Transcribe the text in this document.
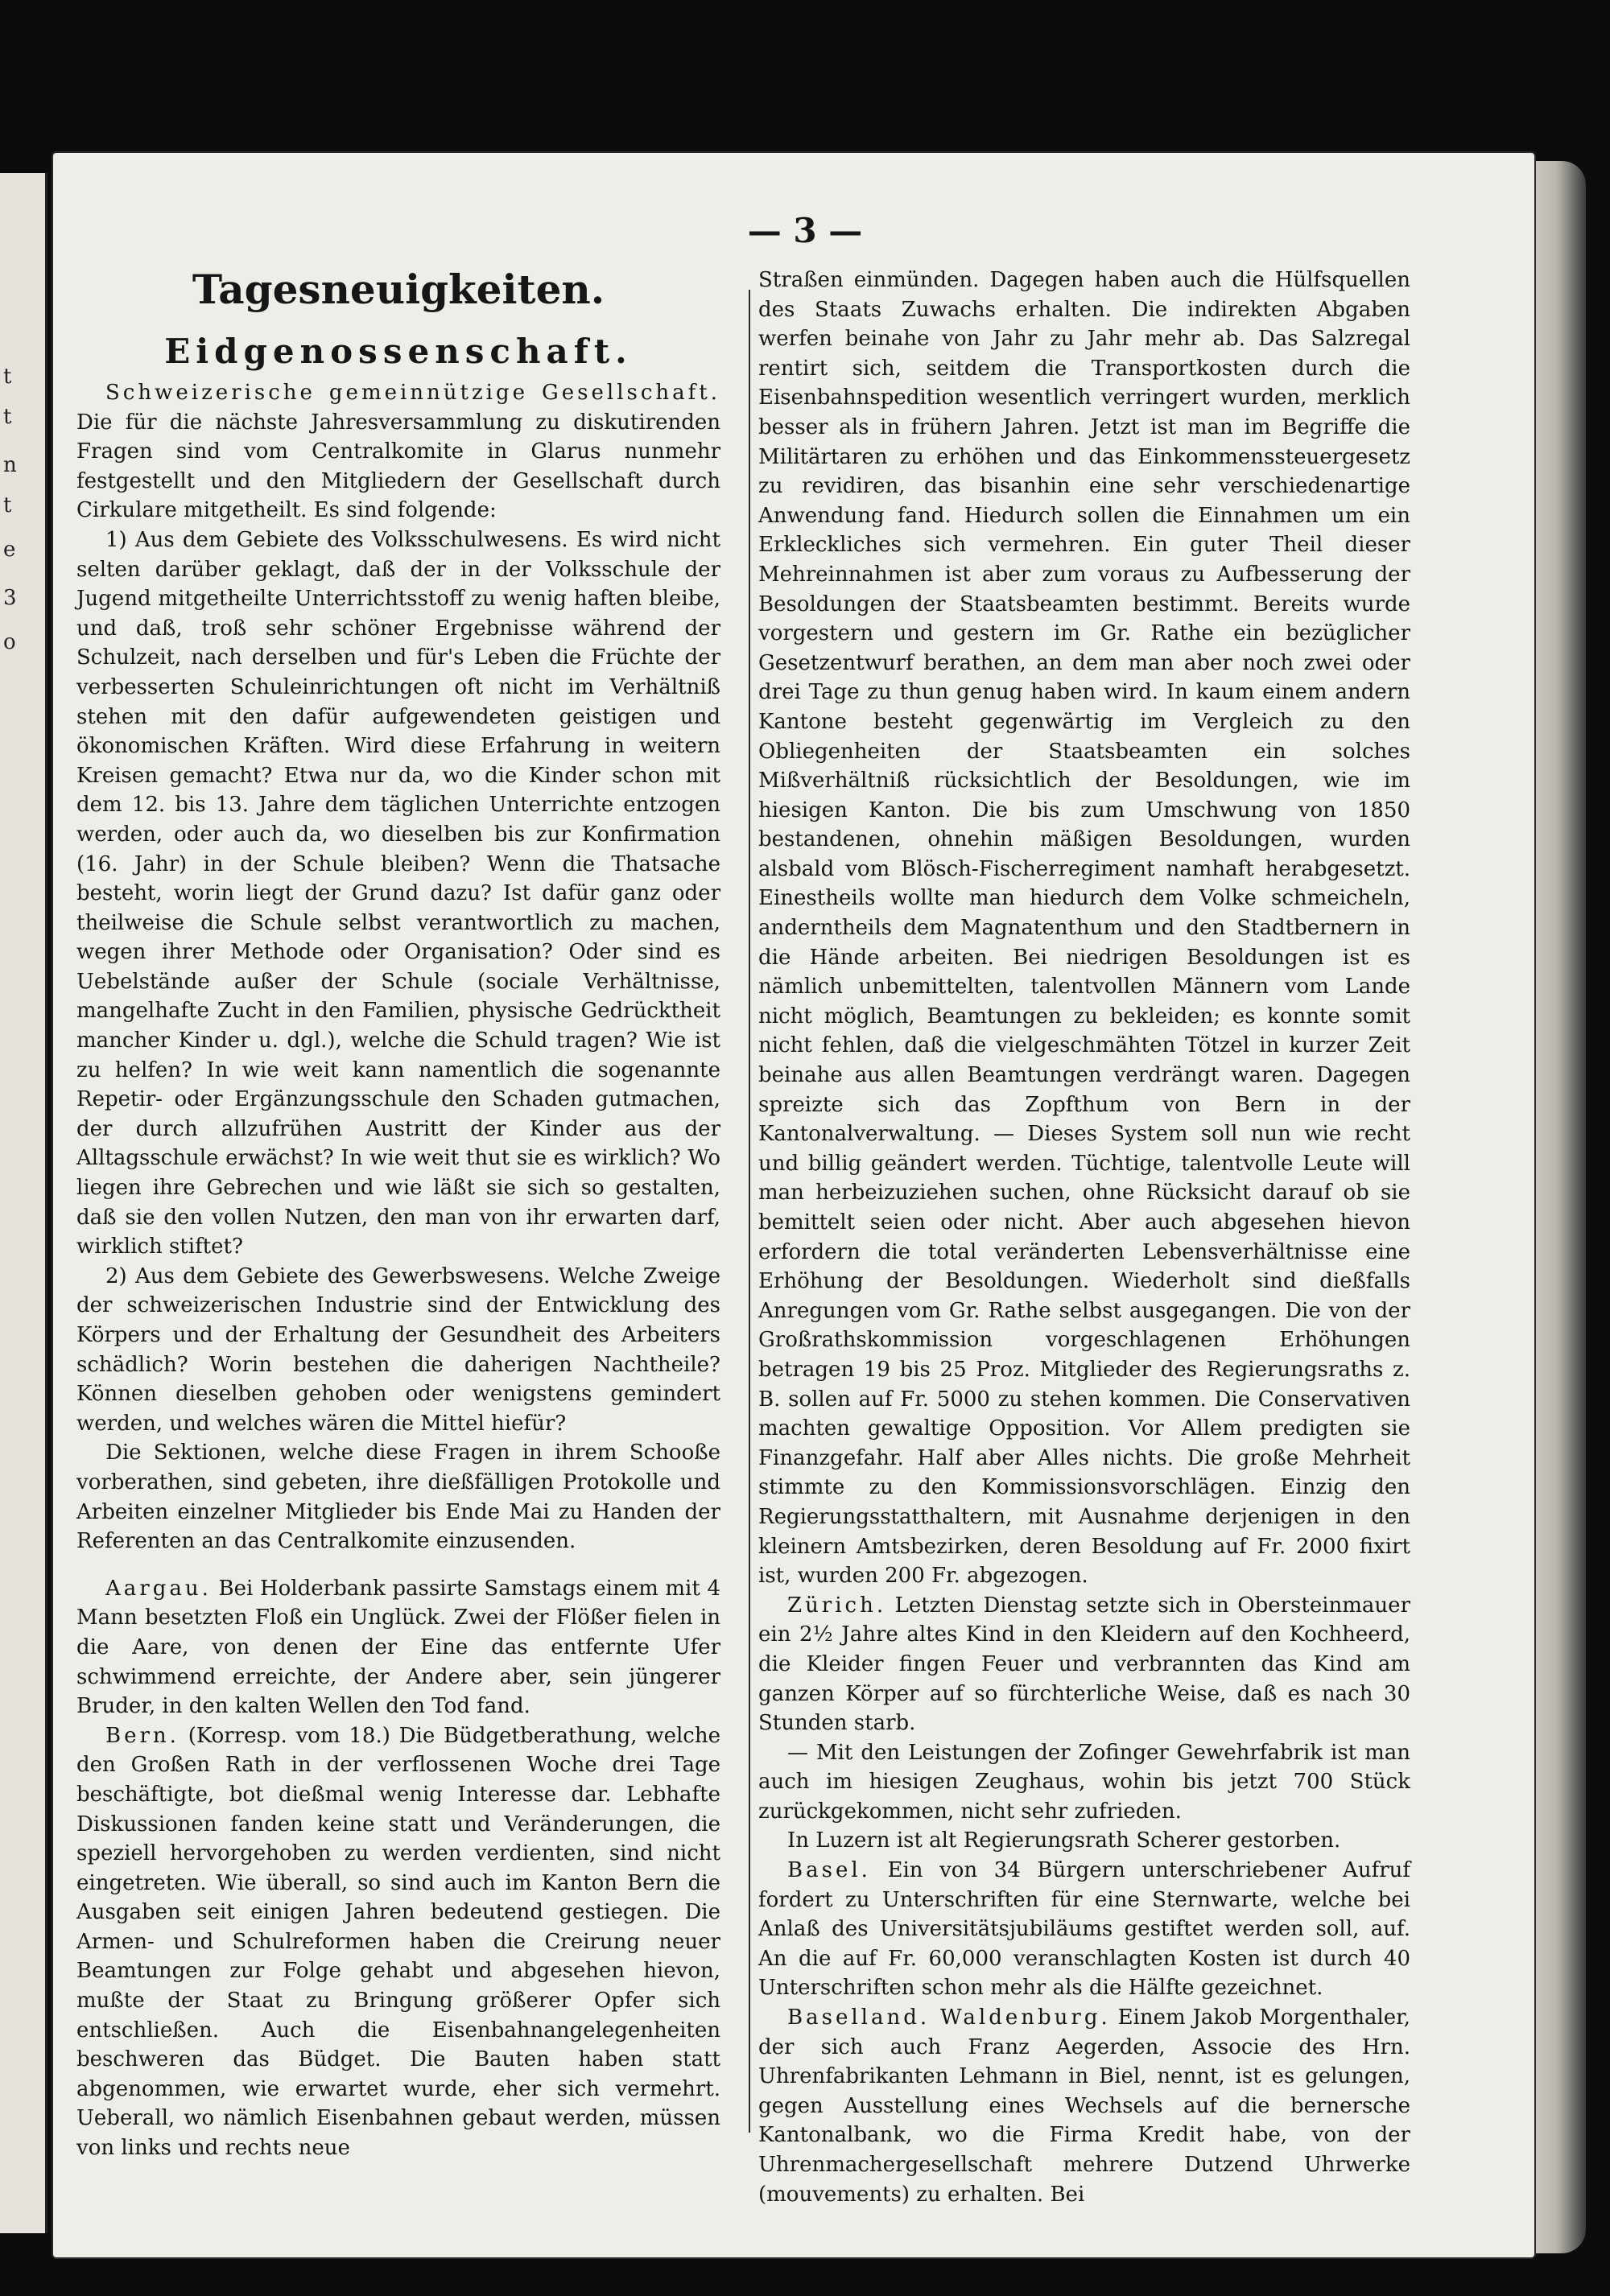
t
t
n
t
e
3
o
— 3 —
Tagesneuigkeiten.
Eidgenossenschaft.

Schweizerische gemeinnützige Gesellschaft. Die für die nächste Jahresversammlung zu diskutirenden Fragen sind vom Centralkomite in Glarus nunmehr festgestellt und den Mitgliedern der Gesellschaft durch Cirkulare mitgetheilt. Es sind folgende:

1) Aus dem Gebiete des Volksschulwesens. Es wird nicht selten darüber geklagt, daß der in der Volksschule der Jugend mitgetheilte Unterrichtsstoff zu wenig haften bleibe, und daß, troß sehr schöner Ergebnisse während der Schulzeit, nach derselben und für's Leben die Früchte der verbesserten Schuleinrichtungen oft nicht im Verhältniß stehen mit den dafür aufgewendeten geistigen und ökonomischen Kräften. Wird diese Erfahrung in weitern Kreisen gemacht? Etwa nur da, wo die Kinder schon mit dem 12. bis 13. Jahre dem täglichen Unterrichte entzogen werden, oder auch da, wo dieselben bis zur Konfirmation (16. Jahr) in der Schule bleiben? Wenn die Thatsache besteht, worin liegt der Grund dazu? Ist dafür ganz oder theilweise die Schule selbst verantwortlich zu machen, wegen ihrer Methode oder Organisation? Oder sind es Uebelstände außer der Schule (sociale Verhältnisse, mangelhafte Zucht in den Familien, physische Gedrücktheit mancher Kinder u. dgl.), welche die Schuld tragen? Wie ist zu helfen? In wie weit kann namentlich die sogenannte Repetir- oder Ergänzungsschule den Schaden gutmachen, der durch allzufrühen Austritt der Kinder aus der Alltagsschule erwächst? In wie weit thut sie es wirklich? Wo liegen ihre Gebrechen und wie läßt sie sich so gestalten, daß sie den vollen Nutzen, den man von ihr erwarten darf, wirklich stiftet?

2) Aus dem Gebiete des Gewerbswesens. Welche Zweige der schweizerischen Industrie sind der Entwicklung des Körpers und der Erhaltung der Gesundheit des Arbeiters schädlich? Worin bestehen die daherigen Nachtheile? Können dieselben gehoben oder wenigstens gemindert werden, und welches wären die Mittel hiefür?

Die Sektionen, welche diese Fragen in ihrem Schooße vorberathen, sind gebeten, ihre dießfälligen Protokolle und Arbeiten einzelner Mitglieder bis Ende Mai zu Handen der Referenten an das Centralkomite einzusenden.

Aargau. Bei Holderbank passirte Samstags einem mit 4 Mann besetzten Floß ein Unglück. Zwei der Flößer fielen in die Aare, von denen der Eine das entfernte Ufer schwimmend erreichte, der Andere aber, sein jüngerer Bruder, in den kalten Wellen den Tod fand.

Bern. (Korresp. vom 18.) Die Büdgetberathung, welche den Großen Rath in der verflossenen Woche drei Tage beschäftigte, bot dießmal wenig Interesse dar. Lebhafte Diskussionen fanden keine statt und Veränderungen, die speziell hervorgehoben zu werden verdienten, sind nicht eingetreten. Wie überall, so sind auch im Kanton Bern die Ausgaben seit einigen Jahren bedeutend gestiegen. Die Armen- und Schulreformen haben die Creirung neuer Beamtungen zur Folge gehabt und abgesehen hievon, mußte der Staat zu Bringung größerer Opfer sich entschließen. Auch die Eisenbahnangelegenheiten beschweren das Büdget. Die Bauten haben statt abgenommen, wie erwartet wurde, eher sich vermehrt. Ueberall, wo nämlich Eisenbahnen gebaut werden, müssen von links und rechts neue

Straßen einmünden. Dagegen haben auch die Hülfsquellen des Staats Zuwachs erhalten. Die indirekten Abgaben werfen beinahe von Jahr zu Jahr mehr ab. Das Salzregal rentirt sich, seitdem die Transportkosten durch die Eisenbahnspedition wesentlich verringert wurden, merklich besser als in frühern Jahren. Jetzt ist man im Begriffe die Militärtaren zu erhöhen und das Einkommenssteuergesetz zu revidiren, das bisanhin eine sehr verschiedenartige Anwendung fand. Hiedurch sollen die Einnahmen um ein Erkleckliches sich vermehren. Ein guter Theil dieser Mehreinnahmen ist aber zum voraus zu Aufbesserung der Besoldungen der Staatsbeamten bestimmt. Bereits wurde vorgestern und gestern im Gr. Rathe ein bezüglicher Gesetzentwurf berathen, an dem man aber noch zwei oder drei Tage zu thun genug haben wird. In kaum einem andern Kantone besteht gegenwärtig im Vergleich zu den Obliegenheiten der Staatsbeamten ein solches Mißverhältniß rücksichtlich der Besoldungen, wie im hiesigen Kanton. Die bis zum Umschwung von 1850 bestandenen, ohnehin mäßigen Besoldungen, wurden alsbald vom Blösch-Fischerregiment namhaft herabgesetzt. Einestheils wollte man hiedurch dem Volke schmeicheln, anderntheils dem Magnatenthum und den Stadtbernern in die Hände arbeiten. Bei niedrigen Besoldungen ist es nämlich unbemittelten, talentvollen Männern vom Lande nicht möglich, Beamtungen zu bekleiden; es konnte somit nicht fehlen, daß die vielgeschmähten Tötzel in kurzer Zeit beinahe aus allen Beamtungen verdrängt waren. Dagegen spreizte sich das Zopfthum von Bern in der Kantonalverwaltung. — Dieses System soll nun wie recht und billig geändert werden. Tüchtige, talentvolle Leute will man herbeizuziehen suchen, ohne Rücksicht darauf ob sie bemittelt seien oder nicht. Aber auch abgesehen hievon erfordern die total veränderten Lebensverhältnisse eine Erhöhung der Besoldungen. Wiederholt sind dießfalls Anregungen vom Gr. Rathe selbst ausgegangen. Die von der Großrathskommission vorgeschlagenen Erhöhungen betragen 19 bis 25 Proz. Mitglieder des Regierungsraths z. B. sollen auf Fr. 5000 zu stehen kommen. Die Conservativen machten gewaltige Opposition. Vor Allem predigten sie Finanzgefahr. Half aber Alles nichts. Die große Mehrheit stimmte zu den Kommissionsvorschlägen. Einzig den Regierungsstatthaltern, mit Ausnahme derjenigen in den kleinern Amtsbezirken, deren Besoldung auf Fr. 2000 fixirt ist, wurden 200 Fr. abgezogen.

Zürich. Letzten Dienstag setzte sich in Obersteinmauer ein 2½ Jahre altes Kind in den Kleidern auf den Kochheerd, die Kleider fingen Feuer und verbrannten das Kind am ganzen Körper auf so fürchterliche Weise, daß es nach 30 Stunden starb.

— Mit den Leistungen der Zofinger Gewehrfabrik ist man auch im hiesigen Zeughaus, wohin bis jetzt 700 Stück zurückgekommen, nicht sehr zufrieden.

In Luzern ist alt Regierungsrath Scherer gestorben.

Basel. Ein von 34 Bürgern unterschriebener Aufruf fordert zu Unterschriften für eine Sternwarte, welche bei Anlaß des Universitätsjubiläums gestiftet werden soll, auf. An die auf Fr. 60,000 veranschlagten Kosten ist durch 40 Unterschriften schon mehr als die Hälfte gezeichnet.

Baselland. Waldenburg. Einem Jakob Morgenthaler, der sich auch Franz Aegerden, Associe des Hrn. Uhrenfabrikanten Lehmann in Biel, nennt, ist es gelungen, gegen Ausstellung eines Wechsels auf die bernersche Kantonalbank, wo die Firma Kredit habe, von der Uhrenmachergesellschaft mehrere Dutzend Uhrwerke (mouvements) zu erhalten. Bei
